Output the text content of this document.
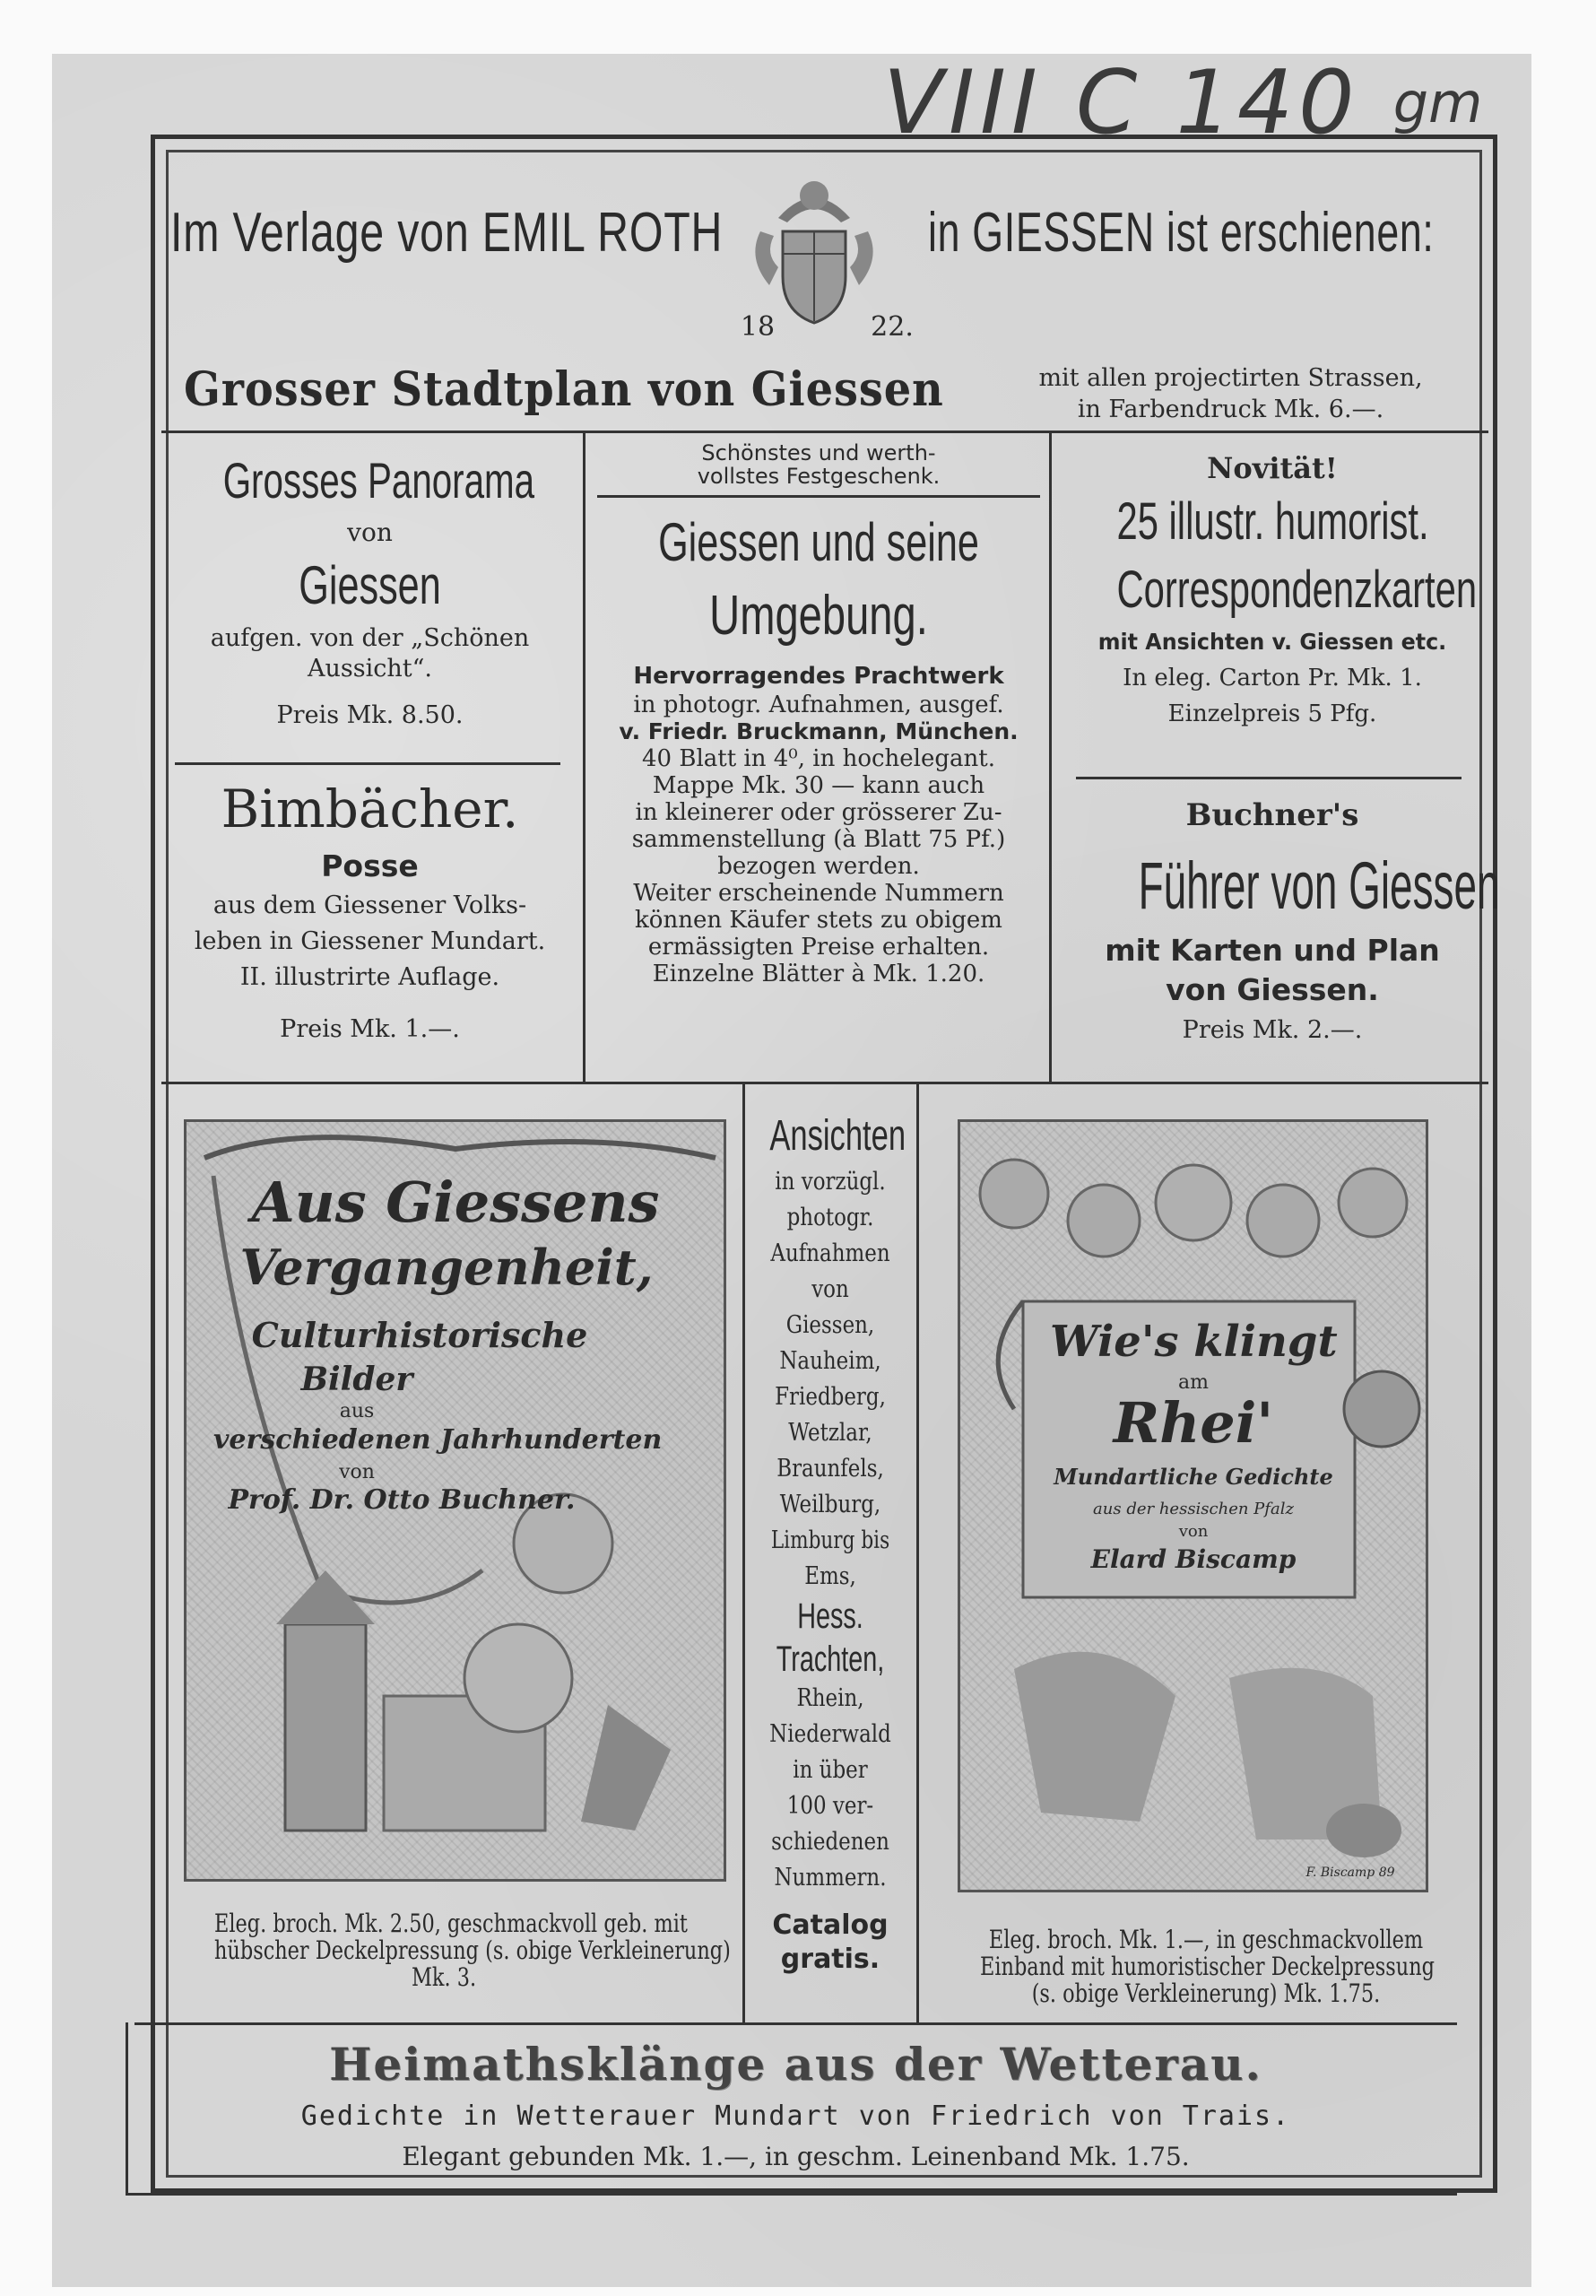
VIII C 140 $^{gm}$
Im Verlage von EMIL ROTH
18	22.
in GIESSEN ist erschienen:
Grosser Stadtplan von Giessen	mit allen projectirten Strassen,
in Farbendruck Mk. 6.—.
Grosses Panorama
von
Giessen
aufgen. von der „Schönen
Aussicht“.
Preis Mk. 8.50.
Bimbächer.
Posse
aus dem Giessener Volks-
leben in Giessener Mundart.
II. illustrirte Auflage.
Preis Mk. 1.—.
Schönstes und werth-
vollstes Festgeschenk.
Giessen und seine
Umgebung.
Hervorragendes Prachtwerk
in photogr. Aufnahmen, ausgef.
v. Friedr. Bruckmann, München.
40 Blatt in 4⁰, in hochelegant.
Mappe Mk. 30 — kann auch
in kleinerer oder grösserer Zu-
sammenstellung (à Blatt 75 Pf.)
bezogen werden.
Weiter erscheinende Nummern
können Käufer stets zu obigem
ermässigten Preise erhalten.
Einzelne Blätter à Mk. 1.20.
Novität!
25 illustr. humorist.
Correspondenzkarten
mit Ansichten v. Giessen etc.
In eleg. Carton Pr. Mk. 1.
Einzelpreis 5 Pfg.
Buchner's
Führer von Giessen
mit Karten und Plan
von Giessen.
Preis Mk. 2.—.
Aus Giessens
Vergangenheit,
Culturhistorische
Bilder
aus
verschiedenen Jahrhunderten
von
Prof. Dr. Otto Buchner.
Eleg. broch. Mk. 2.50, geschmackvoll geb. mit
hübscher Deckelpressung (s. obige Verkleinerung)
Mk. 3.
Ansichten
in vorzügl.
photogr.
Aufnahmen
von
Giessen,
Nauheim,
Friedberg,
Wetzlar,
Braunfels,
Weilburg,
Limburg bis
Ems,
Hess.
Trachten,
Rhein,
Niederwald
in über
100 ver-
schiedenen
Nummern.
Catalog
gratis.
Wie's klingt
am
Rhei'
Mundartliche Gedichte
aus der hessischen Pfalz
von
Elard Biscamp
F. Biscamp 89
Eleg. broch. Mk. 1.—, in geschmackvollem
Einband mit humoristischer Deckelpressung
(s. obige Verkleinerung) Mk. 1.75.
Heimathsklänge aus der Wetterau.
Gedichte in Wetterauer Mundart von Friedrich von Trais.
Elegant gebunden Mk. 1.—, in geschm. Leinenband Mk. 1.75.
